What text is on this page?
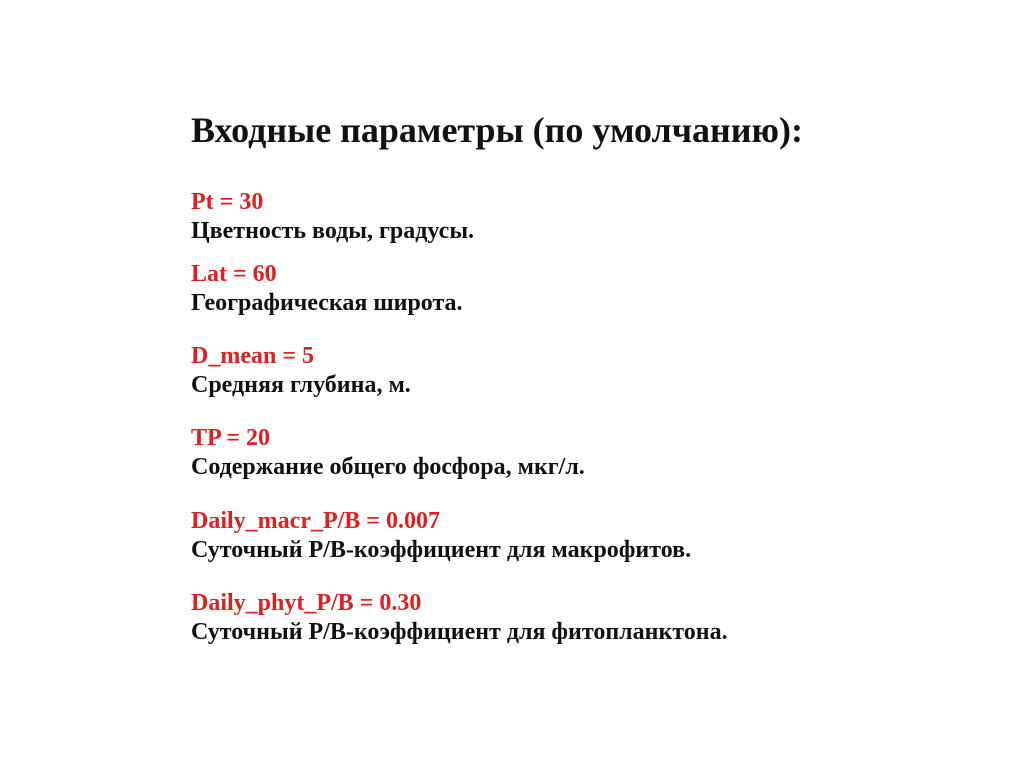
Входные параметры (по умолчанию):
Pt = 30
Цветность воды, градусы.
Lat = 60
Географическая широта.
D_mean = 5
Средняя глубина, м.
TP = 20
Содержание общего фосфора, мкг/л.
Daily_macr_P/B = 0.007
Суточный P/B-коэффициент для макрофитов.
Daily_phyt_P/B = 0.30
Суточный P/B-коэффициент для фитопланктона.
